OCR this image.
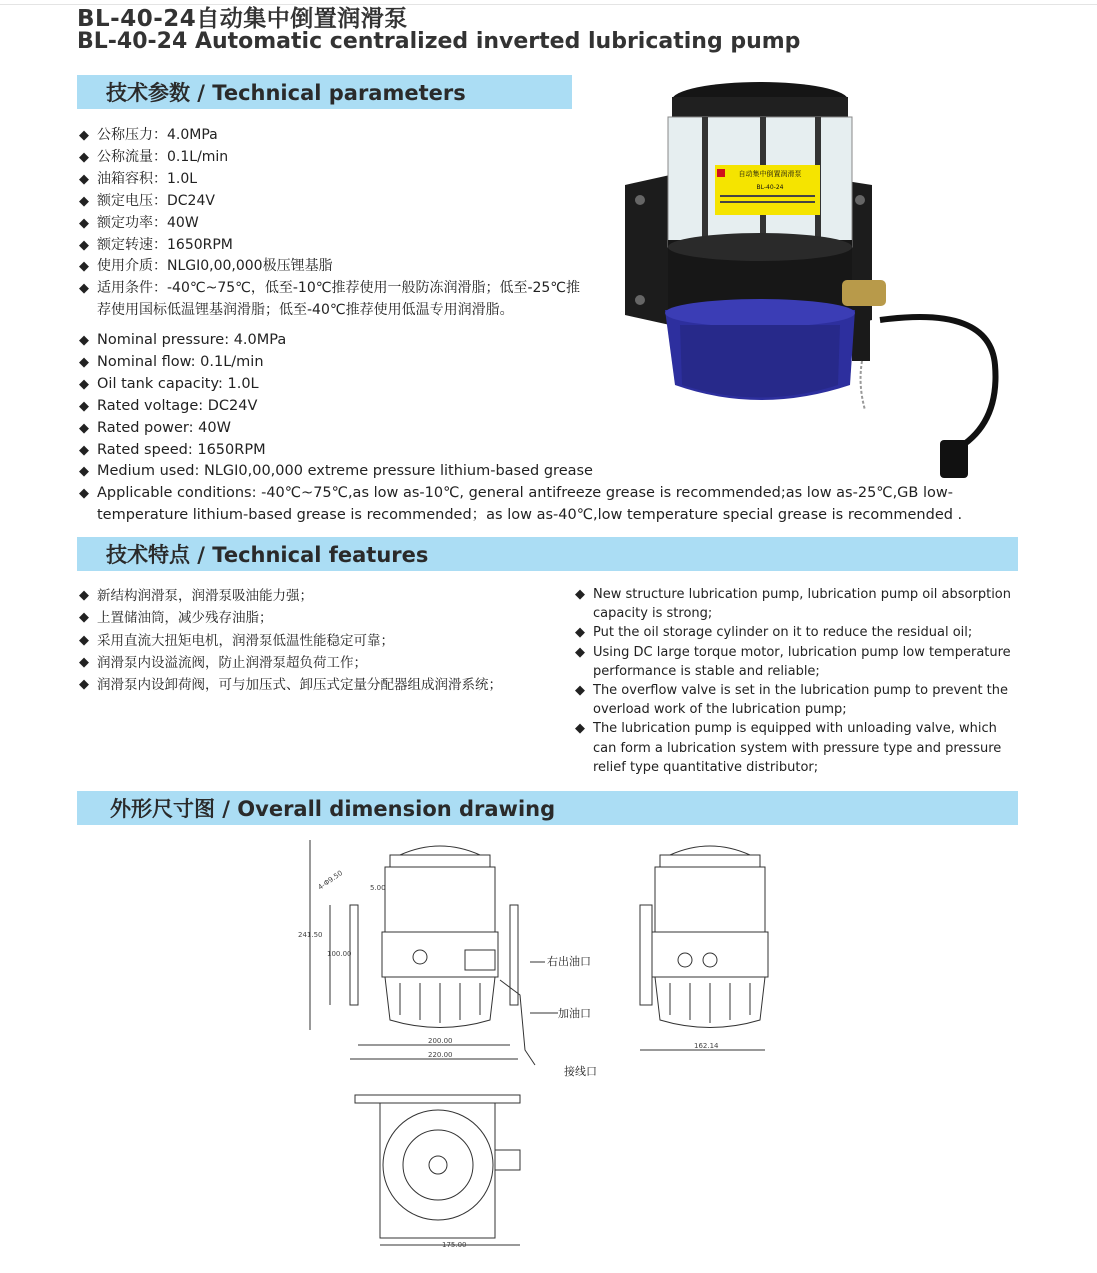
BL-40-24自动集中倒置润滑泵
BL-40-24 Automatic centralized inverted lubricating pump
技术参数 / Technical parameters
◆ 公称压力：4.0MPa
◆ 公称流量：0.1L/min
◆ 油箱容积：1.0L
◆ 额定电压：DC24V
◆ 额定功率：40W
◆ 额定转速：1650RPM
◆ 使用介质：NLGI0,00,000极压锂基脂
◆ 适用条件：-40℃~75℃，低至-10℃推荐使用一般防冻润滑脂；低至-25℃推
荐使用国标低温锂基润滑脂；低至-40℃推荐使用低温专用润滑脂。
◆ Nominal pressure: 4.0MPa
◆ Nominal flow: 0.1L/min
◆ Oil tank capacity: 1.0L
◆ Rated voltage: DC24V
◆ Rated power: 40W
◆ Rated speed: 1650RPM
◆ Medium used: NLGI0,00,000 extreme pressure lithium-based grease
◆ Applicable conditions: -40℃~75℃,as low as-10℃, general antifreeze grease is recommended;as low as-25℃,GB low-
temperature lithium-based grease is recommended；as low as-40℃,low temperature special grease is recommended .
自动集中倒置润滑泵
BL-40-24
技术特点 / Technical features
◆ 新结构润滑泵，润滑泵吸油能力强；
◆ 上置储油筒，减少残存油脂；
◆ 采用直流大扭矩电机，润滑泵低温性能稳定可靠；
◆ 润滑泵内设溢流阀，防止润滑泵超负荷工作；
◆ 润滑泵内设卸荷阀，可与加压式、卸压式定量分配器组成润滑系统；
◆ New structure lubrication pump, lubrication pump oil absorption capacity is strong;
◆ Put the oil storage cylinder on it to reduce the residual oil;
◆ Using DC large torque motor, lubrication pump low temperature performance is stable and reliable;
◆ The overflow valve is set in the lubrication pump to prevent the overload work of the lubrication pump;
◆ The lubrication pump is equipped with unloading valve, which can form a lubrication system with pressure type and pressure relief type quantitative distributor;
外形尺寸图 / Overall dimension drawing
4-Φ9.50	5.00
241.50
100.00
200.00
220.00
162.14
175.00
右出油口
加油口
接线口
